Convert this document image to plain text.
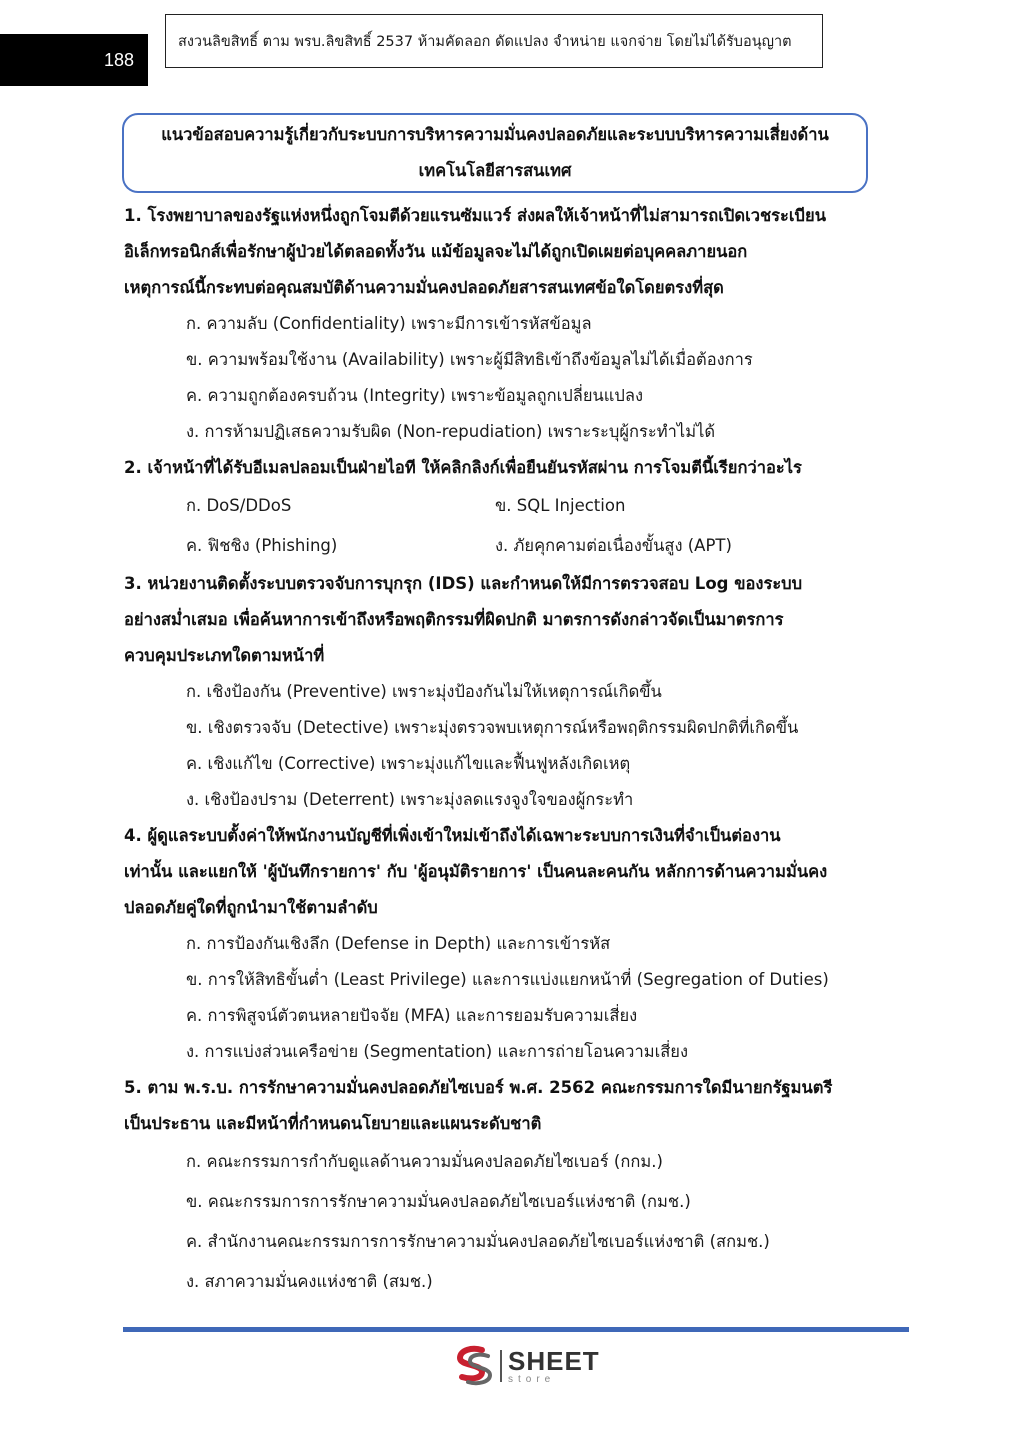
188
สงวนลิขสิทธิ์ ตาม พรบ.ลิขสิทธิ์ 2537 ห้ามคัดลอก ดัดแปลง จำหน่าย แจกจ่าย โดยไม่ได้รับอนุญาต
แนวข้อสอบความรู้เกี่ยวกับระบบการบริหารความมั่นคงปลอดภัยและระบบบริหารความเสี่ยงด้าน
เทคโนโลยีสารสนเทศ
1. โรงพยาบาลของรัฐแห่งหนึ่งถูกโจมตีด้วยแรนซัมแวร์ ส่งผลให้เจ้าหน้าที่ไม่สามารถเปิดเวชระเบียน
อิเล็กทรอนิกส์เพื่อรักษาผู้ป่วยได้ตลอดทั้งวัน แม้ข้อมูลจะไม่ได้ถูกเปิดเผยต่อบุคคลภายนอก
เหตุการณ์นี้กระทบต่อคุณสมบัติด้านความมั่นคงปลอดภัยสารสนเทศข้อใดโดยตรงที่สุด
ก. ความลับ (Confidentiality) เพราะมีการเข้ารหัสข้อมูล
ข. ความพร้อมใช้งาน (Availability) เพราะผู้มีสิทธิเข้าถึงข้อมูลไม่ได้เมื่อต้องการ
ค. ความถูกต้องครบถ้วน (Integrity) เพราะข้อมูลถูกเปลี่ยนแปลง
ง. การห้ามปฏิเสธความรับผิด (Non-repudiation) เพราะระบุผู้กระทำไม่ได้
2. เจ้าหน้าที่ได้รับอีเมลปลอมเป็นฝ่ายไอที ให้คลิกลิงก์เพื่อยืนยันรหัสผ่าน การโจมตีนี้เรียกว่าอะไร
ก. DoS/DDoS	ข. SQL Injection
ค. ฟิชชิง (Phishing)	ง. ภัยคุกคามต่อเนื่องขั้นสูง (APT)
3. หน่วยงานติดตั้งระบบตรวจจับการบุกรุก (IDS) และกำหนดให้มีการตรวจสอบ Log ของระบบ
อย่างสม่ำเสมอ เพื่อค้นหาการเข้าถึงหรือพฤติกรรมที่ผิดปกติ มาตรการดังกล่าวจัดเป็นมาตรการ
ควบคุมประเภทใดตามหน้าที่
ก. เชิงป้องกัน (Preventive) เพราะมุ่งป้องกันไม่ให้เหตุการณ์เกิดขึ้น
ข. เชิงตรวจจับ (Detective) เพราะมุ่งตรวจพบเหตุการณ์หรือพฤติกรรมผิดปกติที่เกิดขึ้น
ค. เชิงแก้ไข (Corrective) เพราะมุ่งแก้ไขและฟื้นฟูหลังเกิดเหตุ
ง. เชิงป้องปราม (Deterrent) เพราะมุ่งลดแรงจูงใจของผู้กระทำ
4. ผู้ดูแลระบบตั้งค่าให้พนักงานบัญชีที่เพิ่งเข้าใหม่เข้าถึงได้เฉพาะระบบการเงินที่จำเป็นต่องาน
เท่านั้น และแยกให้ 'ผู้บันทึกรายการ' กับ 'ผู้อนุมัติรายการ' เป็นคนละคนกัน หลักการด้านความมั่นคง
ปลอดภัยคู่ใดที่ถูกนำมาใช้ตามลำดับ
ก. การป้องกันเชิงลึก (Defense in Depth) และการเข้ารหัส
ข. การให้สิทธิขั้นต่ำ (Least Privilege) และการแบ่งแยกหน้าที่ (Segregation of Duties)
ค. การพิสูจน์ตัวตนหลายปัจจัย (MFA) และการยอมรับความเสี่ยง
ง. การแบ่งส่วนเครือข่าย (Segmentation) และการถ่ายโอนความเสี่ยง
5. ตาม พ.ร.บ. การรักษาความมั่นคงปลอดภัยไซเบอร์ พ.ศ. 2562 คณะกรรมการใดมีนายกรัฐมนตรี
เป็นประธาน และมีหน้าที่กำหนดนโยบายและแผนระดับชาติ
ก. คณะกรรมการกำกับดูแลด้านความมั่นคงปลอดภัยไซเบอร์ (กกม.)
ข. คณะกรรมการการรักษาความมั่นคงปลอดภัยไซเบอร์แห่งชาติ (กมช.)
ค. สำนักงานคณะกรรมการการรักษาความมั่นคงปลอดภัยไซเบอร์แห่งชาติ (สกมช.)
ง. สภาความมั่นคงแห่งชาติ (สมช.)
SHEET
store
